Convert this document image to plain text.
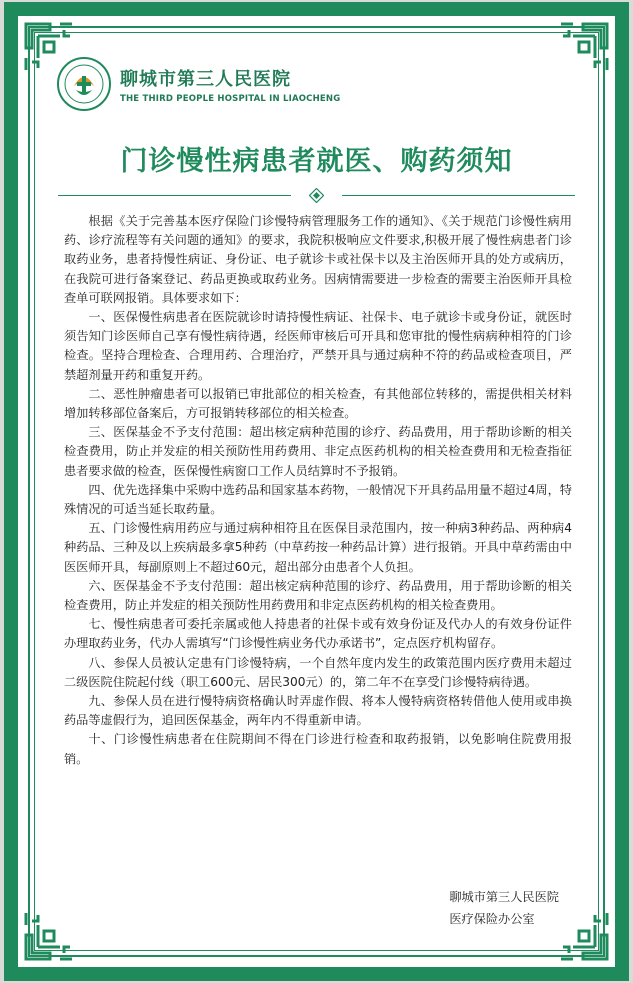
聊城市第三人民医院
THE THIRD PEOPLE HOSPITAL IN LIAOCHENG
门诊慢性病患者就医、购药须知

根据《关于完善基本医疗保险门诊慢特病管理服务工作的通知》、《关于规范门诊慢性病用药、诊疗流程等有关问题的通知》的要求，我院积极响应文件要求,积极开展了慢性病患者门诊取药业务，患者持慢性病证、身份证、电子就诊卡或社保卡以及主治医师开具的处方或病历，在我院可进行备案登记、药品更换或取药业务。因病情需要进一步检查的需要主治医师开具检查单可联网报销。具体要求如下：

一、医保慢性病患者在医院就诊时请持慢性病证、社保卡、电子就诊卡或身份证，就医时须告知门诊医师自己享有慢性病待遇，经医师审核后可开具和您审批的慢性病病种相符的门诊检查。坚持合理检查、合理用药、合理治疗，严禁开具与通过病种不符的药品或检查项目，严禁超剂量开药和重复开药。

二、恶性肿瘤患者可以报销已审批部位的相关检查，有其他部位转移的，需提供相关材料增加转移部位备案后，方可报销转移部位的相关检查。

三、医保基金不予支付范围：超出核定病种范围的诊疗、药品费用，用于帮助诊断的相关检查费用，防止并发症的相关预防性用药费用、非定点医药机构的相关检查费用和无检查指征患者要求做的检查，医保慢性病窗口工作人员结算时不予报销。

四、优先选择集中采购中选药品和国家基本药物，一般情况下开具药品用量不超过4周，特殊情况的可适当延长取药量。

五、门诊慢性病用药应与通过病种相符且在医保目录范围内，按一种病3种药品、两种病4种药品、三种及以上疾病最多拿5种药（中草药按一种药品计算）进行报销。开具中草药需由中医医师开具，每副原则上不超过60元，超出部分由患者个人负担。

六、医保基金不予支付范围：超出核定病种范围的诊疗、药品费用，用于帮助诊断的相关检查费用，防止并发症的相关预防性用药费用和非定点医药机构的相关检查费用。

七、慢性病患者可委托亲属或他人持患者的社保卡或有效身份证及代办人的有效身份证件办理取药业务，代办人需填写“门诊慢性病业务代办承诺书”，定点医疗机构留存。

八、参保人员被认定患有门诊慢特病，一个自然年度内发生的政策范围内医疗费用未超过二级医院住院起付线（职工600元、居民300元）的，第二年不在享受门诊慢特病待遇。

九、参保人员在进行慢特病资格确认时弄虚作假、将本人慢特病资格转借他人使用或串换药品等虚假行为，追回医保基金，两年内不得重新申请。

十、门诊慢性病患者在住院期间不得在门诊进行检查和取药报销，以免影响住院费用报销。

聊城市第三人民医院
医疗保险办公室
